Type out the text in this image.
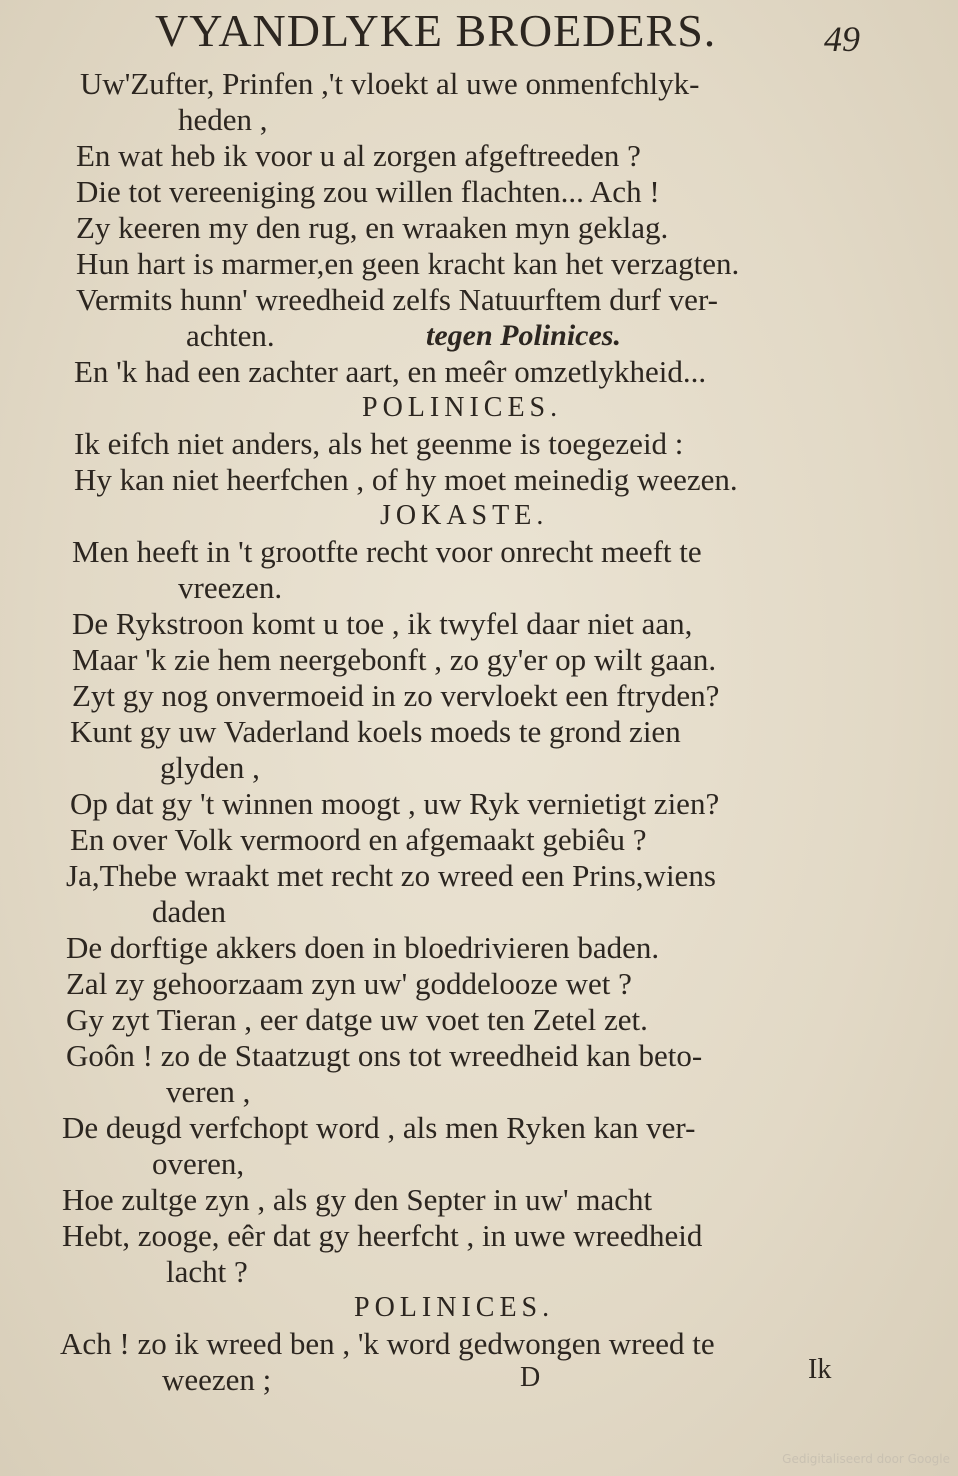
VYANDLYKE BROEDERS.	49
Uw'Zufter, Prinfen ,'t vloekt al uwe onmenfchlyk-
heden ,
En wat heb ik voor u al zorgen afgeftreeden ?
Die tot vereeniging zou willen flachten... Ach !
Zy keeren my den rug, en wraaken myn geklag.
Hun hart is marmer,en geen kracht kan het verzagten.
Vermits hunn' wreedheid zelfs Natuurftem durf ver-
achten.	tegen Polinices.
En 'k had een zachter aart, en meêr omzetlykheid...
POLINICES.
Ik eifch niet anders, als het geenme is toegezeid :
Hy kan niet heerfchen , of hy moet meinedig weezen.
JOKASTE.
Men heeft in 't grootfte recht voor onrecht meeft te
vreezen.
De Rykstroon komt u toe , ik twyfel daar niet aan,
Maar 'k zie hem neergebonft , zo gy'er op wilt gaan.
Zyt gy nog onvermoeid in zo vervloekt een ftryden?
Kunt gy uw Vaderland koels moeds te grond zien
glyden ,
Op dat gy 't winnen moogt , uw Ryk vernietigt zien?
En over Volk vermoord en afgemaakt gebiêu ?
Ja,Thebe wraakt met recht zo wreed een Prins,wiens
daden
De dorftige akkers doen in bloedrivieren baden.
Zal zy gehoorzaam zyn uw' goddelooze wet ?
Gy zyt Tieran , eer datge uw voet ten Zetel zet.
Goôn ! zo de Staatzugt ons tot wreedheid kan beto-
veren ,
De deugd verfchopt word , als men Ryken kan ver-
overen,
Hoe zultge zyn , als gy den Septer in uw' macht
Hebt, zooge, eêr dat gy heerfcht , in uwe wreedheid
lacht ?
POLINICES.
Ach ! zo ik wreed ben , 'k word gedwongen wreed te
weezen ;	D	Ik
Gedigitaliseerd door Google
